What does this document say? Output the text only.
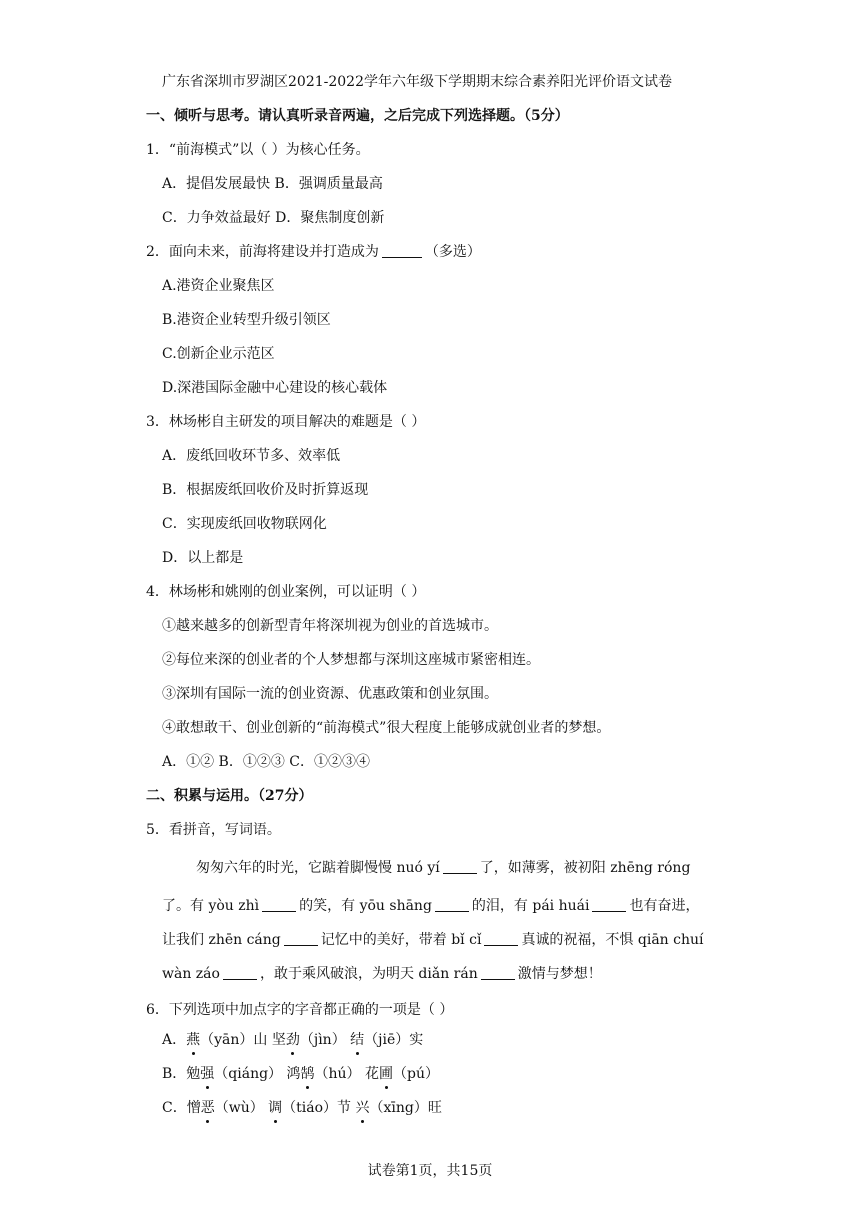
广东省深圳市罗湖区2021-2022学年六年级下学期期末综合素养阳光评价语文试卷
一、倾听与思考。请认真听录音两遍，之后完成下列选择题。（5分）
1．“前海模式”以（ ）为核心任务。
A．提倡发展最快 B．强调质量最高
C．力争效益最好 D．聚焦制度创新
2．面向未来，前海将建设并打造成为	（多选）
A.港资企业聚焦区
B.港资企业转型升级引领区
C.创新企业示范区
D.深港国际金融中心建设的核心载体
3．林场彬自主研发的项目解决的难题是（ ）
A．废纸回收环节多、效率低
B．根据废纸回收价及时折算返现
C．实现废纸回收物联网化
D．以上都是
4．林场彬和姚刚的创业案例，可以证明（ ）
①越来越多的创新型青年将深圳视为创业的首选城市。
②每位来深的创业者的个人梦想都与深圳这座城市紧密相连。
③深圳有国际一流的创业资源、优惠政策和创业氛围。
④敢想敢干、创业创新的“前海模式”很大程度上能够成就创业者的梦想。
A．①② B．①②③ C．①②③④
二、积累与运用。（27分）
5．看拼音，写词语。
匆匆六年的时光，它踮着脚慢慢 nuó yí	了，如薄雾，被初阳 zhēng róng
了。有 yòu zhì	的笑，有 yōu shāng	的泪，有 pái huái	也有奋进，
让我们 zhēn cáng	记忆中的美好，带着 bǐ cǐ	真诚的祝福，不惧 qiān chuí
wàn záo	，敢于乘风破浪，为明天 diǎn rán	激情与梦想！
6．下列选项中加点字的字音都正确的一项是（ ）
A．燕（yān）山 坚劲（jìn） 结（jiē）实
B．勉强（qiáng） 鸿鹄（hú） 花圃（pú）
C．憎恶（wù） 调（tiáo）节 兴（xīng）旺
试卷第1页，共15页
